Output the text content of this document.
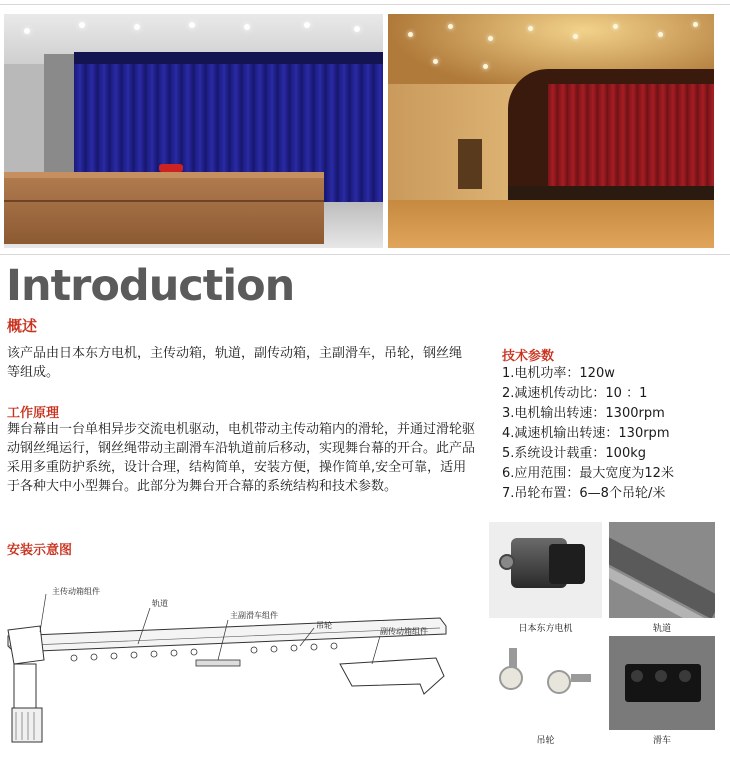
Introduction
概述

该产品由日本东方电机，主传动箱，轨道，副传动箱，主副滑车，吊轮，钢丝绳等组成。

工作原理

舞台幕由一台单相异步交流电机驱动，电机带动主传动箱内的滑轮，并通过滑轮驱动钢丝绳运行，钢丝绳带动主副滑车沿轨道前后移动，实现舞台幕的开合。此产品采用多重防护系统，设计合理，结构简单，安装方便，操作简单,安全可靠，适用于各种大中小型舞台。此部分为舞台开合幕的系统结构和技术参数。

安装示意图
技术参数
1.电机功率：120w
2.减速机传动比：10 ：1
3.电机输出转速：1300rpm
4.减速机输出转速：130rpm
5.系统设计载重：100kg
6.应用范围：最大宽度为12米
7.吊轮布置：6—8个吊轮/米
主传动箱组件
轨道
主副滑车组件
吊轮
副传动箱组件	日本东方电机	轨道
吊轮	滑车
